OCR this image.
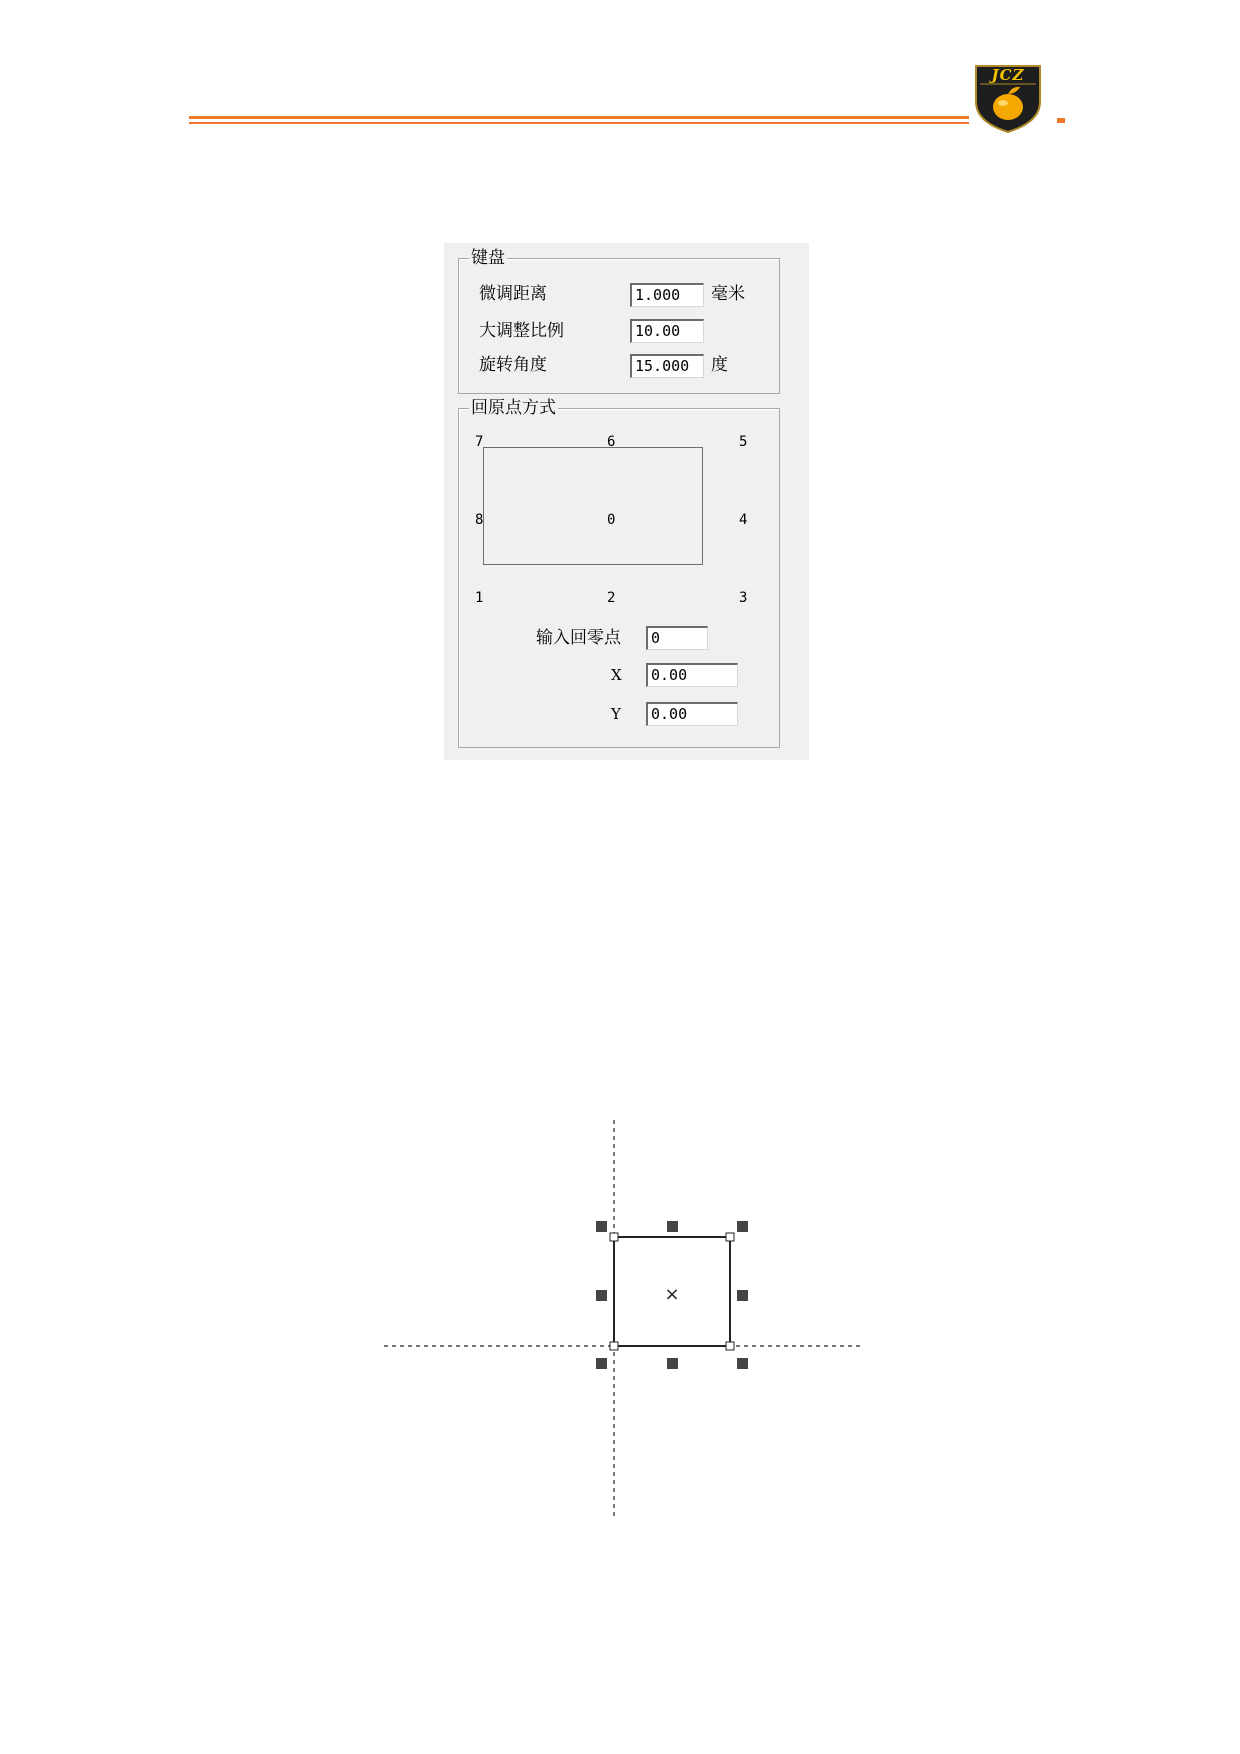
JCZ
键盘
微调距离	1.000	毫米
大调整比例	10.00
旋转角度	15.000	度
回原点方式
7	6	5
8	0	4
1	2	3
输入回零点	0
X	0.00
Y	0.00
×
